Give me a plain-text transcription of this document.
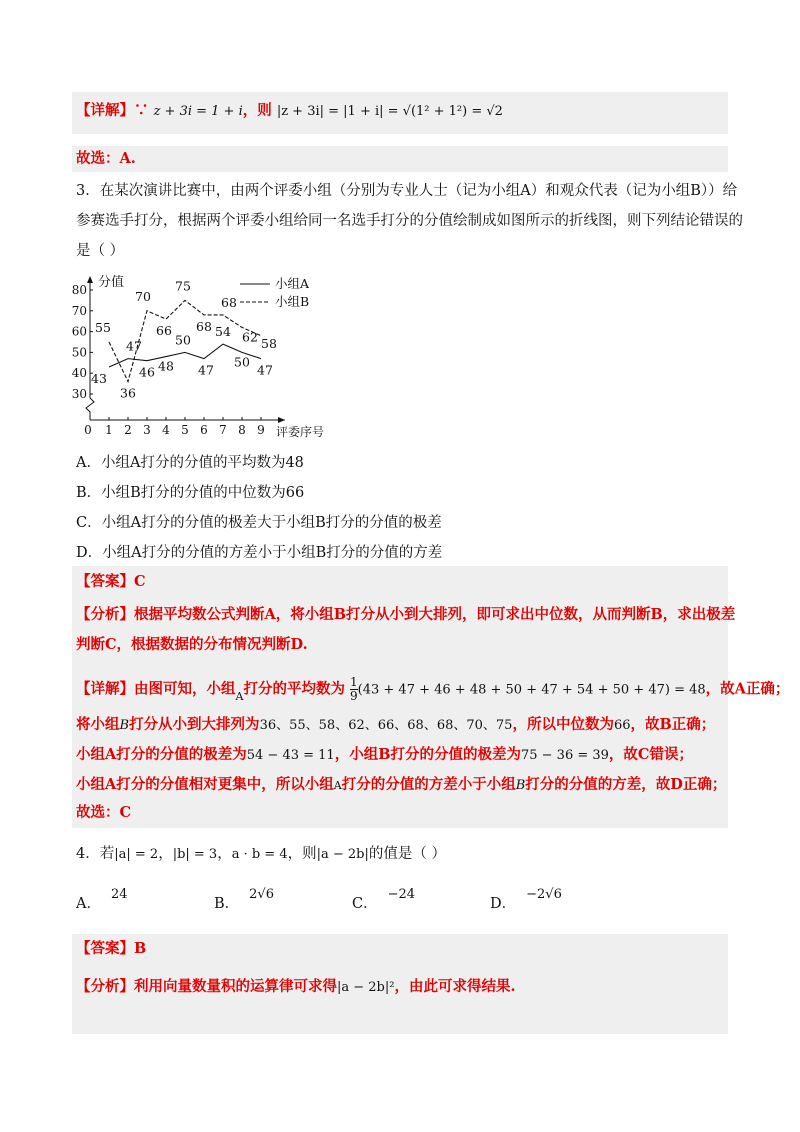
【详解】∵ z + 3i = 1 + i，则 |z + 3i| = |1 + i| = √(1² + 1²) = √2
故选：A.
3．在某次演讲比赛中，由两个评委小组（分别为专业人士（记为小组A）和观众代表（记为小组B））给
参赛选手打分，根据两个评委小组给同一名选手打分的分值绘制成如图所示的折线图，则下列结论错误的
是（ ）
30
40
50
60
70
80
0 1 2 3 4 5 6 7 8 9
分值
评委序号
43
47
46 48
50
47
54
50
47
55
36
70
66
75
68
68
62 58
小组A
小组B
A．小组A打分的分值的平均数为48
B．小组B打分的分值的中位数为66
C．小组A打分的分值的极差大于小组B打分的分值的极差
D．小组A打分的分值的方差小于小组B打分的分值的方差
【答案】C
【分析】根据平均数公式判断A，将小组B打分从小到大排列，即可求出中位数，从而判断B，求出极差
判断C，根据数据的分布情况判断D.
【详解】由图可知，小组$_A$打分的平均数为 $\frac{1}{9} (43 + 47 + 46 + 48 + 50 + 47 + 54 + 50 + 47) = 48$，故A正确；
将小组B打分从小到大排列为36、55、58、62、66、68、68、70、75，所以中位数为66，故B正确；
小组A打分的分值的极差为54 − 43 = 11，小组B打分的分值的极差为75 − 36 = 39，故C错误；
小组A打分的分值相对更集中，所以小组A打分的分值的方差小于小组B打分的分值的方差，故D正确；
故选：C
4．若|a| = 2，|b| = 3，a · b = 4，则|a − 2b|的值是（ ）
A．24
B．2√6
C．−24
D．−2√6
【答案】B
【分析】利用向量数量积的运算律可求得|a − 2b|²，由此可求得结果.
